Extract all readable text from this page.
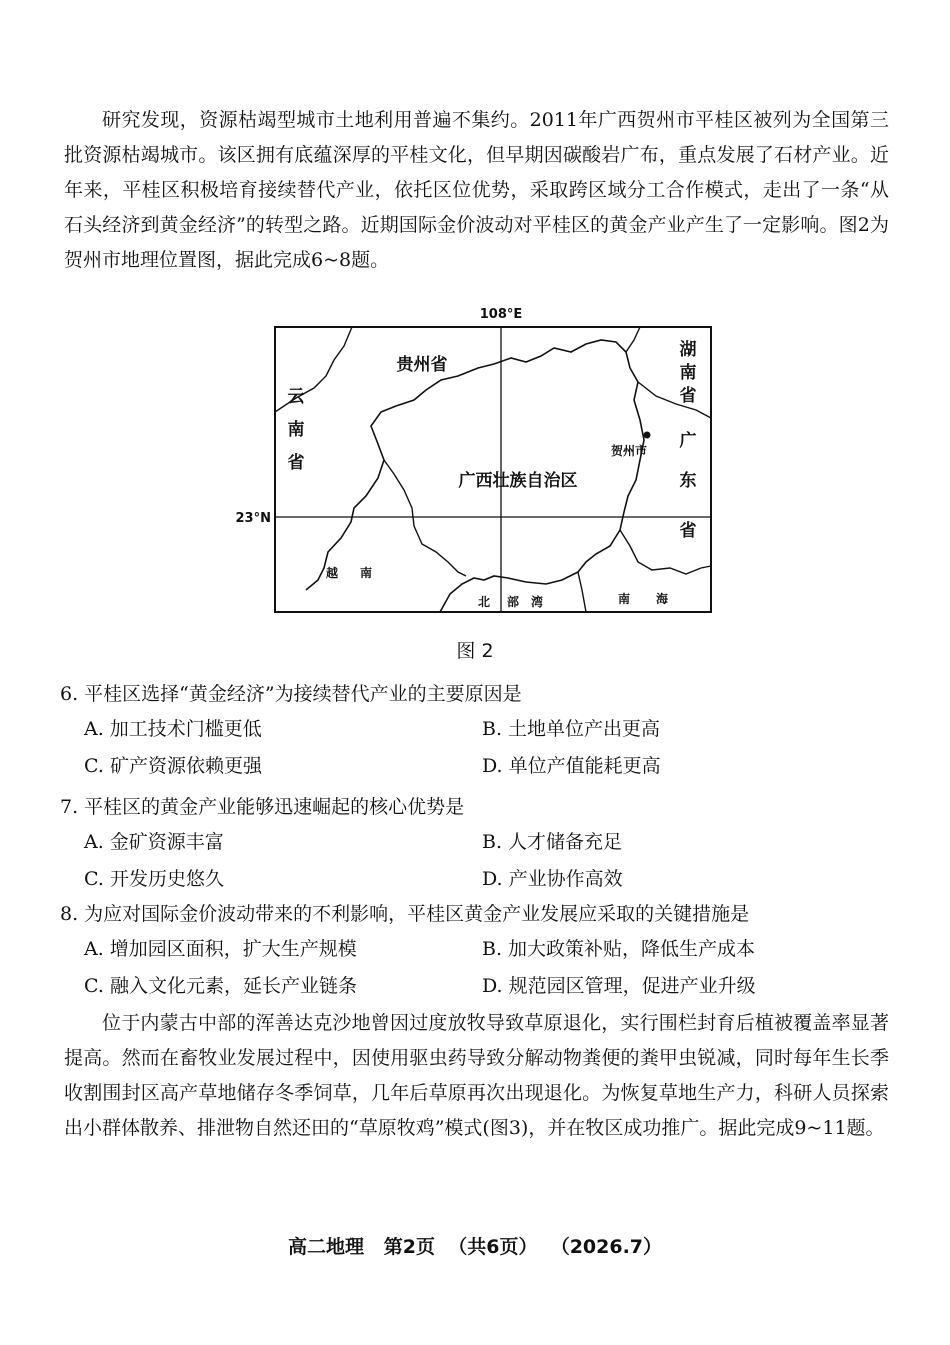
研究发现，资源枯竭型城市土地利用普遍不集约。2011年广西贺州市平桂区被列为全国第三批资源枯竭城市。该区拥有底蕴深厚的平桂文化，但早期因碳酸岩广布，重点发展了石材产业。近年来，平桂区积极培育接续替代产业，依托区位优势，采取跨区域分工合作模式，走出了一条“从石头经济到黄金经济”的转型之路。近期国际金价波动对平桂区的黄金产业产生了一定影响。图2为贺州市地理位置图，据此完成6~8题。

108°E
23°N
贵州省
云
南
省
湖
南
省
广
东
省
广西壮族自治区
贺州市
越 南
北 部 湾	南 海
图 2

6. 平桂区选择“黄金经济”为接续替代产业的主要原因是

A. 加工技术门槛更低	B. 土地单位产出更高
C. 矿产资源依赖更强	D. 单位产值能耗更高

7. 平桂区的黄金产业能够迅速崛起的核心优势是

A. 金矿资源丰富	B. 人才储备充足
C. 开发历史悠久	D. 产业协作高效

8. 为应对国际金价波动带来的不利影响，平桂区黄金产业发展应采取的关键措施是

A. 增加园区面积，扩大生产规模	B. 加大政策补贴，降低生产成本
C. 融入文化元素，延长产业链条	D. 规范园区管理，促进产业升级

位于内蒙古中部的浑善达克沙地曾因过度放牧导致草原退化，实行围栏封育后植被覆盖率显著提高。然而在畜牧业发展过程中，因使用驱虫药导致分解动物粪便的粪甲虫锐减，同时每年生长季收割围封区高产草地储存冬季饲草，几年后草原再次出现退化。为恢复草地生产力，科研人员探索出小群体散养、排泄物自然还田的“草原牧鸡”模式(图3)，并在牧区成功推广。据此完成9~11题。

高二地理   第2页  （共6页）  （2026.7）
